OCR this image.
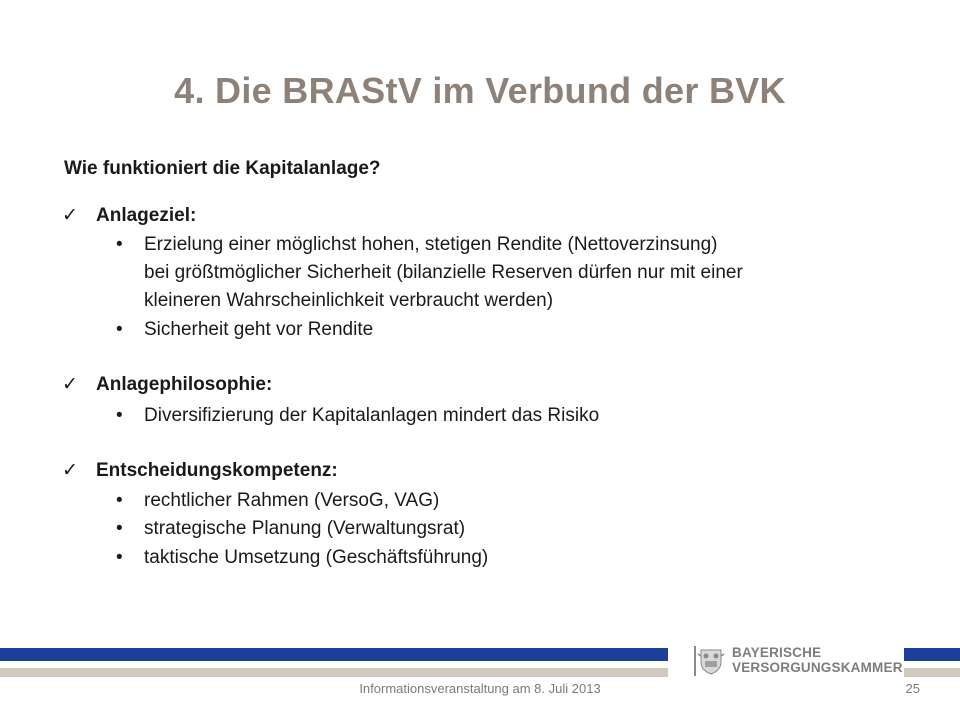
4. Die BRAStV im Verbund der BVK
Wie funktioniert die Kapitalanlage?
✓ Anlageziel:
• Erzielung einer möglichst hohen, stetigen Rendite (Nettoverzinsung)
bei größtmöglicher Sicherheit (bilanzielle Reserven dürfen nur mit einer
kleineren Wahrscheinlichkeit verbraucht werden)
• Sicherheit geht vor Rendite
✓ Anlagephilosophie:
• Diversifizierung der Kapitalanlagen mindert das Risiko
✓ Entscheidungskompetenz:
• rechtlicher Rahmen (VersoG, VAG)
• strategische Planung (Verwaltungsrat)
• taktische Umsetzung (Geschäftsführung)
BAYERISCHE
VERSORGUNGSKAMMER
Informationsveranstaltung am 8. Juli 2013	25
